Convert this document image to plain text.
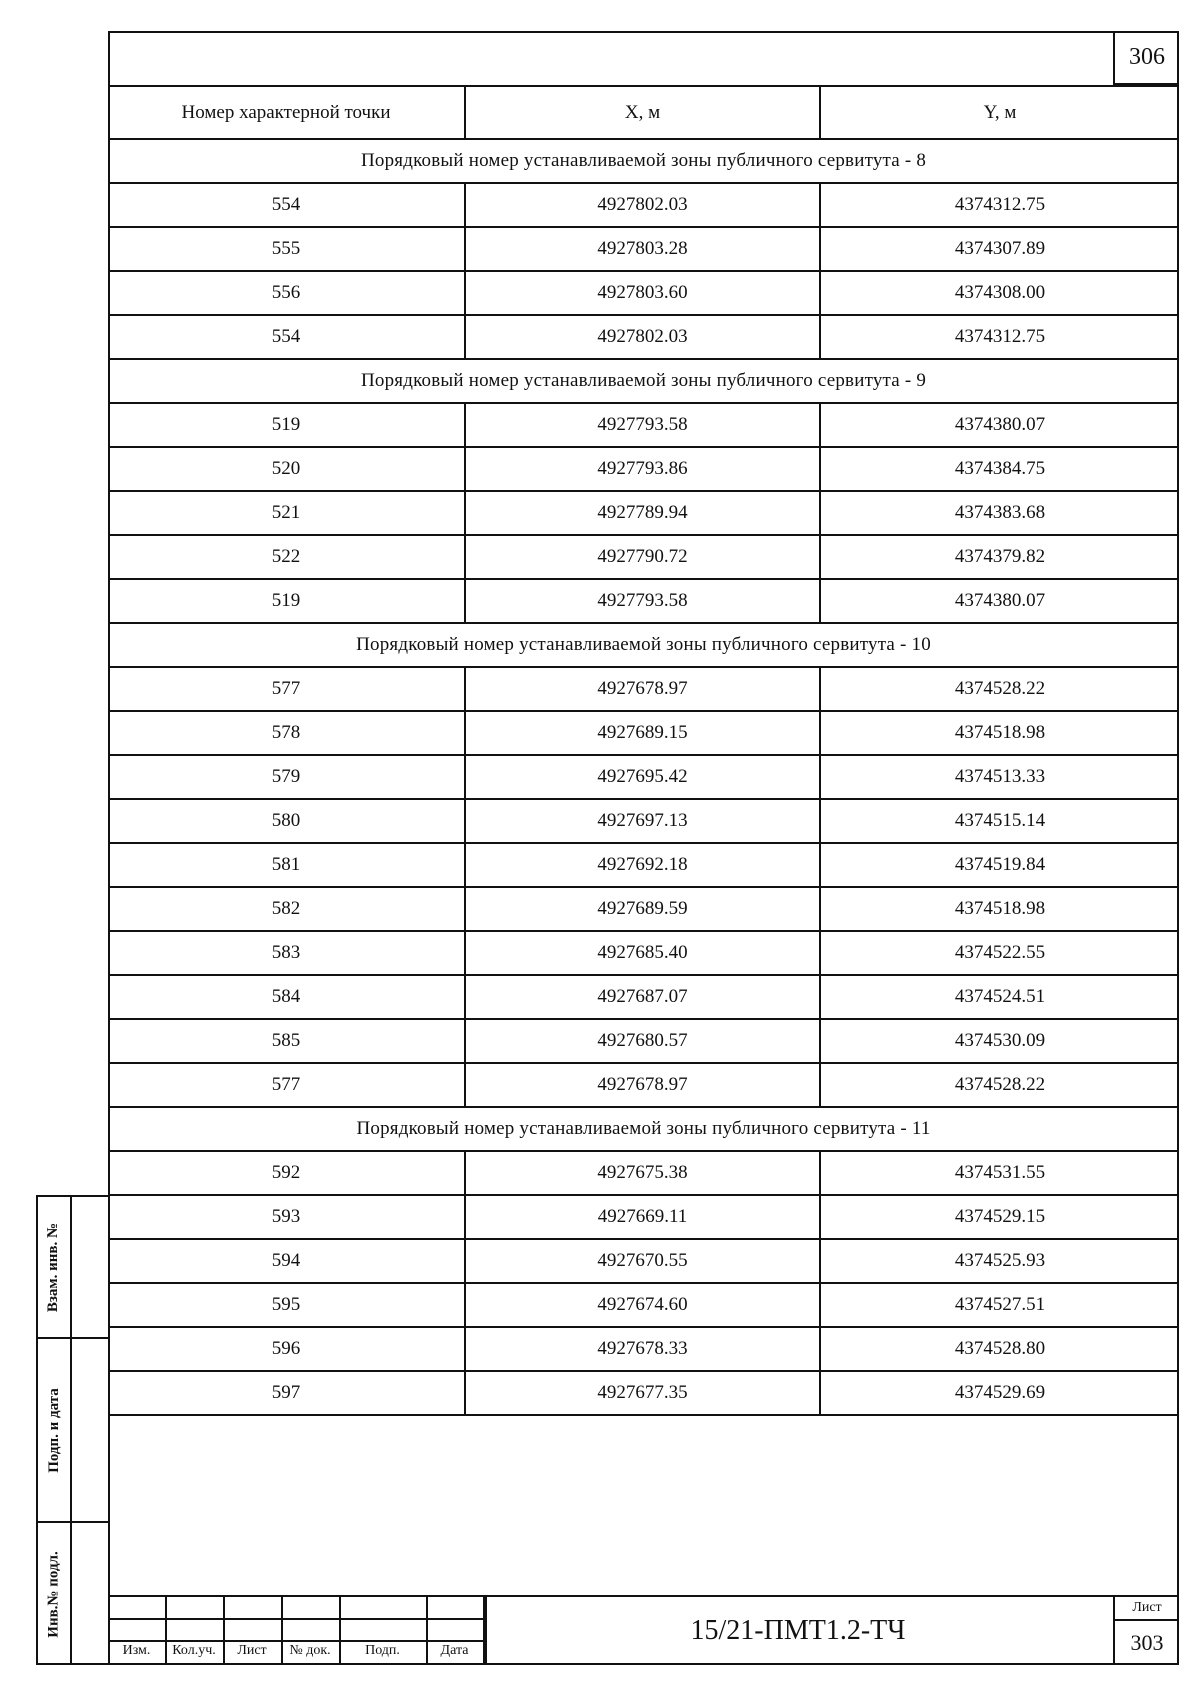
306
Номер характерной точки	X, м	Y, м
Порядковый номер устанавливаемой зоны публичного сервитута - 8		
554	4927802.03	4374312.75
555	4927803.28	4374307.89
556	4927803.60	4374308.00
554	4927802.03	4374312.75
Порядковый номер устанавливаемой зоны публичного сервитута - 9		
519	4927793.58	4374380.07
520	4927793.86	4374384.75
521	4927789.94	4374383.68
522	4927790.72	4374379.82
519	4927793.58	4374380.07
Порядковый номер устанавливаемой зоны публичного сервитута - 10		
577	4927678.97	4374528.22
578	4927689.15	4374518.98
579	4927695.42	4374513.33
580	4927697.13	4374515.14
581	4927692.18	4374519.84
582	4927689.59	4374518.98
583	4927685.40	4374522.55
584	4927687.07	4374524.51
585	4927680.57	4374530.09
577	4927678.97	4374528.22
Порядковый номер устанавливаемой зоны публичного сервитута - 11		
592	4927675.38	4374531.55
593	4927669.11	4374529.15
594	4927670.55	4374525.93
595	4927674.60	4374527.51
596	4927678.33	4374528.80
597	4927677.35	4374529.69
Взам. инв. №
Подп. и дата
Инв.№ подл.
Изм.	Кол.уч.	Лист	№ док.	Подп.	Дата
15/21-ПМТ1.2-ТЧ
Лист
303
